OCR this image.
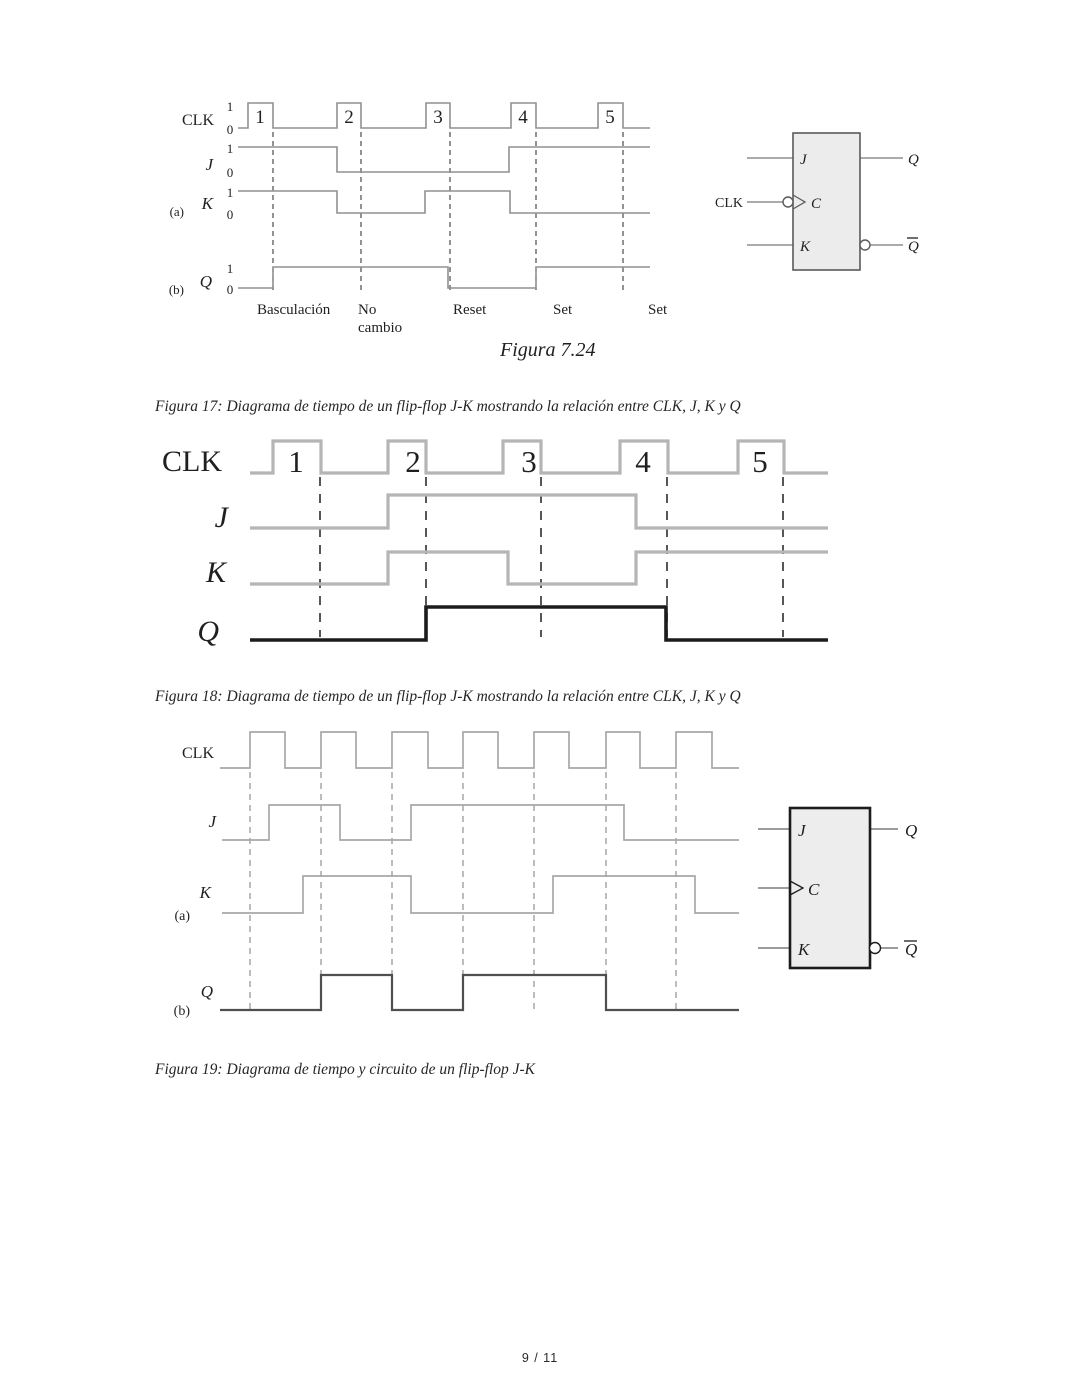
CLK
J
K
(a)
Q
(b)
1
0
1
0
1
0
1
0
1	2	3	4	5
Basculación No
cambio
Reset	Set	Set
Figura 7.24
CLK
J
C
K
Q
Q
Figura 17: Diagrama de tiempo de un flip-flop J-K mostrando la relación entre CLK, J, K y Q
CLK
J
K
Q
1	2	3	4	5
Figura 18: Diagrama de tiempo de un flip-flop J-K mostrando la relación entre CLK, J, K y Q
CLK
J
K
(a)
Q
(b)
J
C
K
Q
Q
Figura 19: Diagrama de tiempo y circuito de un flip-flop J-K
9 / 11
